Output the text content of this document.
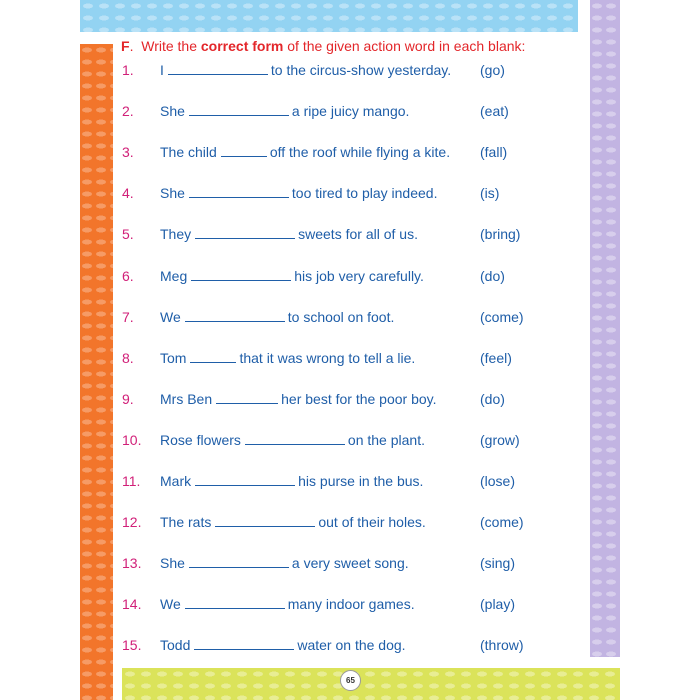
F.  Write the correct form of the given action word in each blank:

1. I	to the circus-show yesterday. (go)
2. She	a ripe juicy mango.	(eat)
3. The child	off the roof while flying a kite. (fall)
4. She	too tired to play indeed.	(is)
5. They	sweets for all of us.	(bring)
6. Meg	his job very carefully.	(do)
7. We	to school on foot.	(come)
8. Tom	that it was wrong to tell a lie.	(feel)
9. Mrs Ben	her best for the poor boy.	(do)
10. Rose flowers	on the plant.	(grow)
11. Mark	his purse in the bus.	(lose)
12. The rats	out of their holes.	(come)
13. She	a very sweet song.	(sing)
14. We	many indoor games.	(play)
15. Todd	water on the dog.	(throw)
65
